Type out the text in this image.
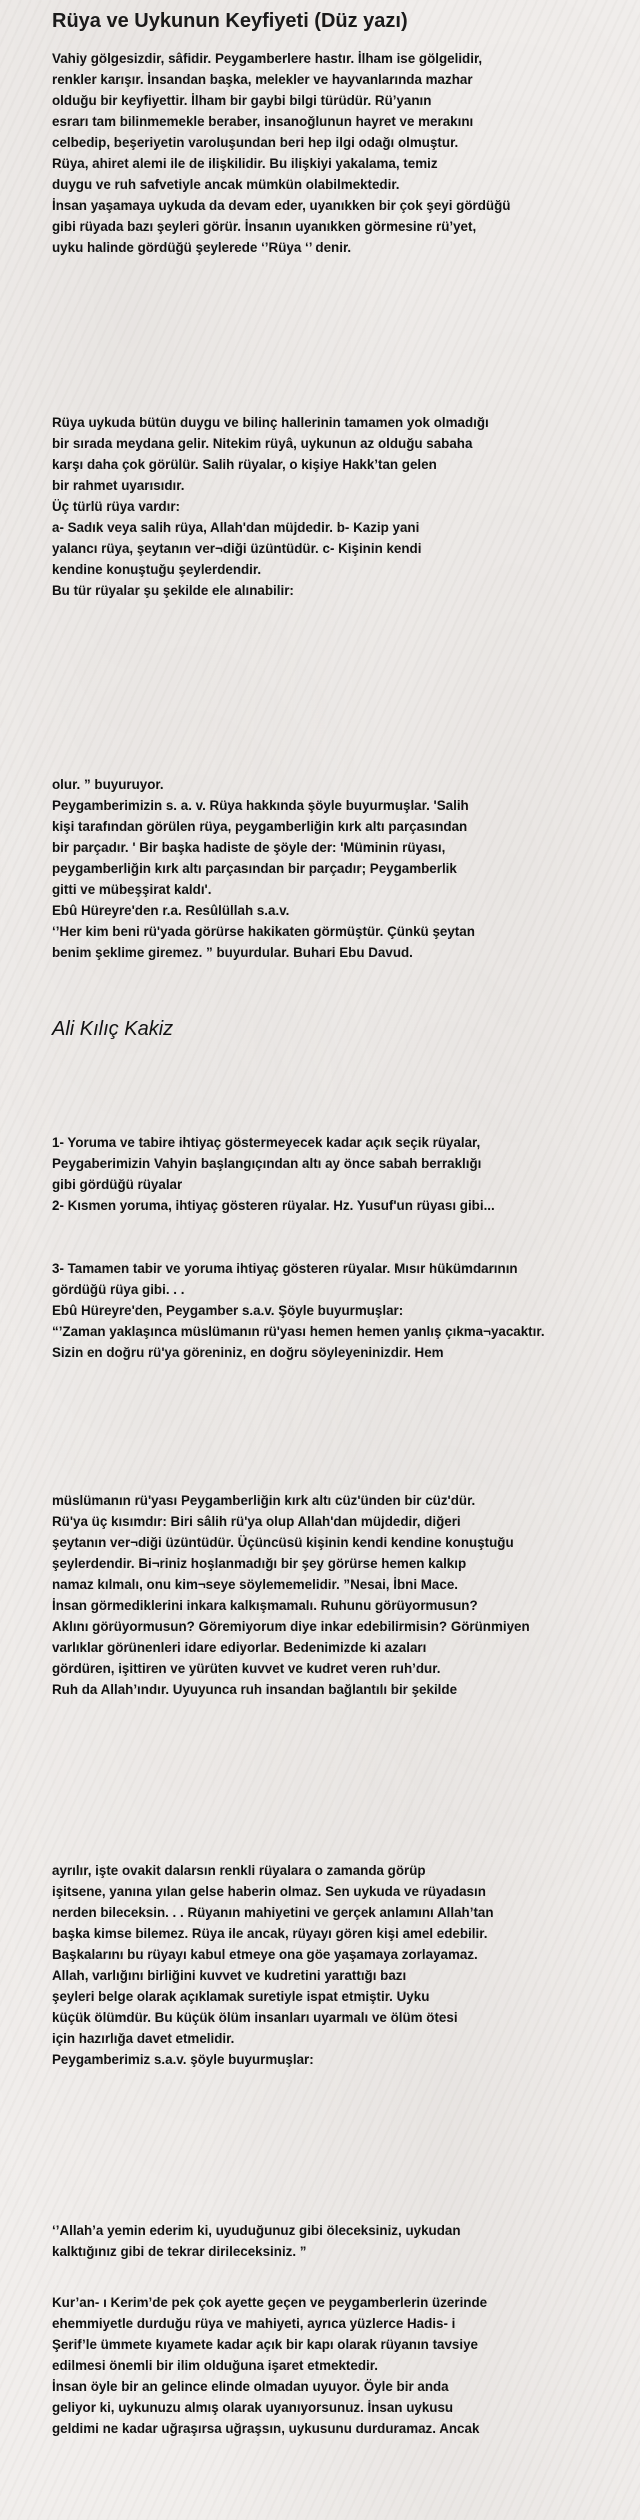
Rüya ve Uykunun Keyfiyeti (Düz yazı)
Vahiy gölgesizdir, sâfidir. Peygamberlere hastır. İlham ise gölgelidir,
renkler karışır. İnsandan başka, melekler ve hayvanlarında mazhar
olduğu bir keyfiyettir. İlham bir gaybi bilgi türüdür. Rü’yanın
esrarı tam bilinmemekle beraber, insanoğlunun hayret ve merakını
celbedip, beşeriyetin varoluşundan beri hep ilgi odağı olmuştur.
Rüya, ahiret alemi ile de ilişkilidir. Bu ilişkiyi yakalama, temiz
duygu ve ruh safvetiyle ancak mümkün olabilmektedir.
İnsan yaşamaya uykuda da devam eder, uyanıkken bir çok şeyi gördüğü
gibi rüyada bazı şeyleri görür. İnsanın uyanıkken görmesine rü’yet,
uyku halinde gördüğü şeylerede ‘’Rüya ‘’ denir.
Rüya uykuda bütün duygu ve bilinç hallerinin tamamen yok olmadığı
bir sırada meydana gelir. Nitekim rüyâ, uykunun az olduğu sabaha
karşı daha çok görülür. Salih rüyalar, o kişiye Hakk’tan gelen
bir rahmet uyarısıdır.
Üç türlü rüya vardır:
a- Sadık veya salih rüya, Allah'dan müjdedir. b- Kazip yani
yalancı rüya, şeytanın ver¬diği üzüntüdür. c- Kişinin kendi
kendine konuştuğu şeylerdendir.
Bu tür rüyalar şu şekilde ele alınabilir:
olur. ” buyuruyor.
Peygamberimizin s. a. v. Rüya hakkında şöyle buyurmuşlar. 'Salih
kişi tarafından görülen rüya, peygamberliğin kırk altı parçasından
bir parçadır. ' Bir başka hadiste de şöyle der: 'Müminin rüyası,
peygamberliğin kırk altı parçasından bir parçadır; Peygamberlik
gitti ve mübeşşirat kaldı'.
Ebû Hüreyre'den r.a. Resûlüllah s.a.v.
‘’Her kim beni rü'yada görürse hakikaten görmüştür. Çünkü şeytan
benim şeklime giremez. ” buyurdular. Buhari Ebu Davud.
Ali Kılıç Kakiz
1- Yoruma ve tabire ihtiyaç göstermeyecek kadar açık seçik rüyalar,
Peygaberimizin Vahyin başlangıçından altı ay önce sabah berraklığı
gibi gördüğü rüyalar
2- Kısmen yoruma, ihtiyaç gösteren rüyalar. Hz. Yusuf'un rüyası gibi...
3- Tamamen tabir ve yoruma ihtiyaç gösteren rüyalar. Mısır hükümdarının
gördüğü rüya gibi. . .
Ebû Hüreyre'den, Peygamber s.a.v. Şöyle buyurmuşlar:
“’Zaman yaklaşınca müslümanın rü'yası hemen hemen yanlış çıkma¬yacaktır.
Sizin en doğru rü'ya göreniniz, en doğru söyleyeninizdir. Hem
müslümanın rü'yası Peygamberliğin kırk altı cüz'ünden bir cüz'dür.
Rü'ya üç kısımdır: Biri sâlih rü'ya olup Allah'dan müjdedir, diğeri
şeytanın ver¬diği üzüntüdür. Üçüncüsü kişinin kendi kendine konuştuğu
şeylerdendir. Bi¬riniz hoşlanmadığı bir şey görürse hemen kalkıp
namaz kılmalı, onu kim¬seye söylememelidir. ”Nesai, İbni Mace.
İnsan görmediklerini inkara kalkışmamalı. Ruhunu görüyormusun?
Aklını görüyormusun? Göremiyorum diye inkar edebilirmisin? Görünmiyen
varlıklar görünenleri idare ediyorlar. Bedenimizde ki azaları
gördüren, işittiren ve yürüten kuvvet ve kudret veren ruh’dur.
Ruh da Allah’ındır. Uyuyunca ruh insandan bağlantılı bir şekilde
ayrılır, işte ovakit dalarsın renkli rüyalara o zamanda görüp
işitsene, yanına yılan gelse haberin olmaz. Sen uykuda ve rüyadasın
nerden bileceksin. . . Rüyanın mahiyetini ve gerçek anlamını Allah’tan
başka kimse bilemez. Rüya ile ancak, rüyayı gören kişi amel edebilir.
Başkalarını bu rüyayı kabul etmeye ona göe yaşamaya zorlayamaz.
Allah, varlığını birliğini kuvvet ve kudretini yarattığı bazı
şeyleri belge olarak açıklamak suretiyle ispat etmiştir. Uyku
küçük ölümdür. Bu küçük ölüm insanları uyarmalı ve ölüm ötesi
için hazırlığa davet etmelidir.
Peygamberimiz s.a.v. şöyle buyurmuşlar:
‘’Allah’a yemin ederim ki, uyuduğunuz gibi öleceksiniz, uykudan
kalktığınız gibi de tekrar dirileceksiniz. ”
Kur’an- ı Kerim’de pek çok ayette geçen ve peygamberlerin üzerinde
ehemmiyetle durduğu rüya ve mahiyeti, ayrıca yüzlerce Hadis- i
Şerif’le ümmete kıyamete kadar açık bir kapı olarak rüyanın tavsiye
edilmesi önemli bir ilim olduğuna işaret etmektedir.
İnsan öyle bir an gelince elinde olmadan uyuyor. Öyle bir anda
geliyor ki, uykunuzu almış olarak uyanıyorsunuz. İnsan uykusu
geldimi ne kadar uğraşırsa uğraşsın, uykusunu durduramaz. Ancak
